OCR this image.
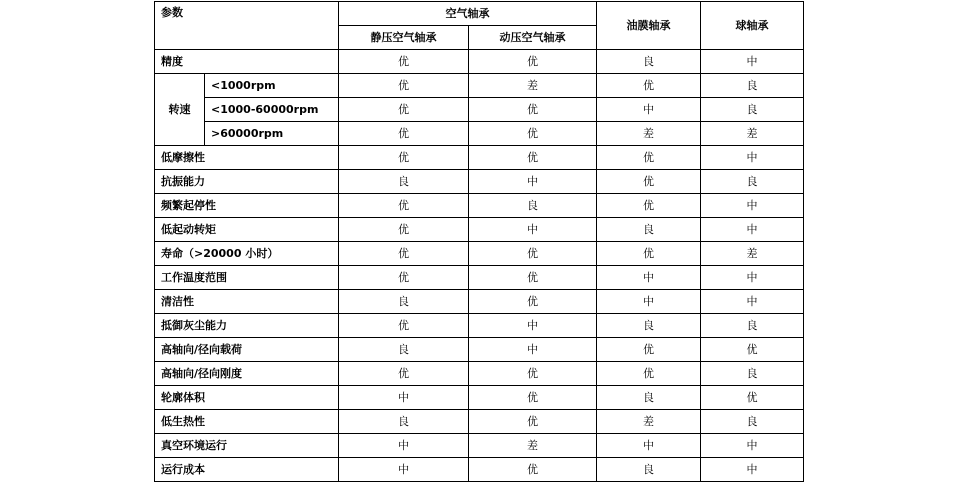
参数		空气轴承		油膜轴承	球轴承
		静压空气轴承	动压空气轴承		
精度		优	优	良	中
转速	<1000rpm	优	差	优	良
	<1000-60000rpm	优	优	中	良
	>60000rpm	优	优	差	差
低摩擦性		优	优	优	中
抗振能力		良	中	优	良
频繁起停性		优	良	优	中
低起动转矩		优	中	良	中
寿命（>20000 小时）		优	优	优	差
工作温度范围		优	优	中	中
清洁性		良	优	中	中
抵御灰尘能力		优	中	良	良
高轴向/径向载荷		良	中	优	优
高轴向/径向刚度		优	优	优	良
轮廓体积		中	优	良	优
低生热性		良	优	差	良
真空环境运行		中	差	中	中
运行成本		中	优	良	中
